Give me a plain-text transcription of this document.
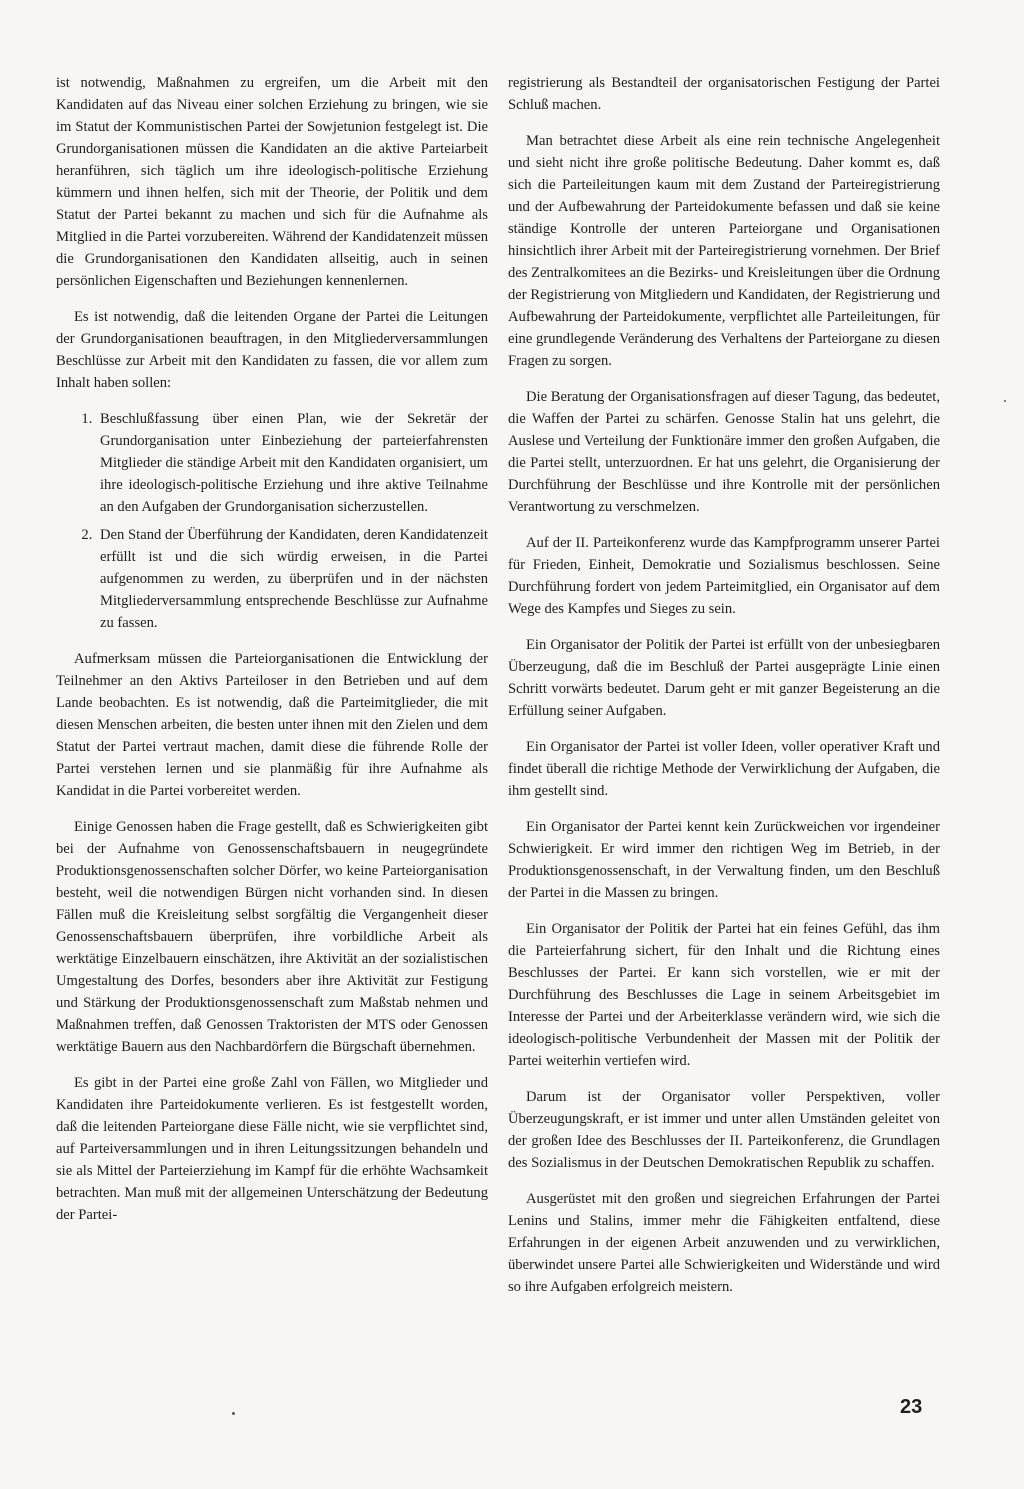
ist notwendig, Maßnahmen zu ergreifen, um die Arbeit mit den Kandidaten auf das Niveau einer solchen Erziehung zu bringen, wie sie im Statut der Kommunistischen Partei der Sowjetunion festgelegt ist. Die Grundorganisationen müssen die Kandidaten an die aktive Parteiarbeit heranführen, sich täglich um ihre ideologisch-politische Erziehung kümmern und ihnen helfen, sich mit der Theorie, der Politik und dem Statut der Partei bekannt zu machen und sich für die Aufnahme als Mitglied in die Partei vorzubereiten. Während der Kandidatenzeit müssen die Grundorganisationen den Kandidaten allseitig, auch in seinen persönlichen Eigenschaften und Beziehungen kennenlernen.

Es ist notwendig, daß die leitenden Organe der Partei die Leitungen der Grundorganisationen beauftragen, in den Mitgliederversammlungen Beschlüsse zur Arbeit mit den Kandidaten zu fassen, die vor allem zum Inhalt haben sollen:

1. Beschlußfassung über einen Plan, wie der Sekretär der Grundorganisation unter Einbeziehung der parteierfahrensten Mitglieder die ständige Arbeit mit den Kandidaten organisiert, um ihre ideologisch-politische Erziehung und ihre aktive Teilnahme an den Aufgaben der Grundorganisation sicherzustellen.
2. Den Stand der Überführung der Kandidaten, deren Kandidatenzeit erfüllt ist und die sich würdig erweisen, in die Partei aufgenommen zu werden, zu überprüfen und in der nächsten Mitgliederversammlung entsprechende Beschlüsse zur Aufnahme zu fassen.

Aufmerksam müssen die Parteiorganisationen die Entwicklung der Teilnehmer an den Aktivs Parteiloser in den Betrieben und auf dem Lande beobachten. Es ist notwendig, daß die Parteimitglieder, die mit diesen Menschen arbeiten, die besten unter ihnen mit den Zielen und dem Statut der Partei vertraut machen, damit diese die führende Rolle der Partei verstehen lernen und sie planmäßig für ihre Aufnahme als Kandidat in die Partei vorbereitet werden.

Einige Genossen haben die Frage gestellt, daß es Schwierigkeiten gibt bei der Aufnahme von Genossenschaftsbauern in neugegründete Produktionsgenossenschaften solcher Dörfer, wo keine Parteiorganisation besteht, weil die notwendigen Bürgen nicht vorhanden sind. In diesen Fällen muß die Kreisleitung selbst sorgfältig die Vergangenheit dieser Genossenschaftsbauern überprüfen, ihre vorbildliche Arbeit als werktätige Einzelbauern einschätzen, ihre Aktivität an der sozialistischen Umgestaltung des Dorfes, besonders aber ihre Aktivität zur Festigung und Stärkung der Produktionsgenossenschaft zum Maßstab nehmen und Maßnahmen treffen, daß Genossen Traktoristen der MTS oder Genossen werktätige Bauern aus den Nachbardörfern die Bürgschaft übernehmen.

Es gibt in der Partei eine große Zahl von Fällen, wo Mitglieder und Kandidaten ihre Parteidokumente verlieren. Es ist festgestellt worden, daß die leitenden Parteiorgane diese Fälle nicht, wie sie verpflichtet sind, auf Parteiversammlungen und in ihren Leitungssitzungen behandeln und sie als Mittel der Parteierziehung im Kampf für die erhöhte Wachsamkeit betrachten. Man muß mit der allgemeinen Unterschätzung der Bedeutung der Partei-

registrierung als Bestandteil der organisatorischen Festigung der Partei Schluß machen.

Man betrachtet diese Arbeit als eine rein technische Angelegenheit und sieht nicht ihre große politische Bedeutung. Daher kommt es, daß sich die Parteileitungen kaum mit dem Zustand der Parteiregistrierung und der Aufbewahrung der Parteidokumente befassen und daß sie keine ständige Kontrolle der unteren Parteiorgane und Organisationen hinsichtlich ihrer Arbeit mit der Parteiregistrierung vornehmen. Der Brief des Zentralkomitees an die Bezirks- und Kreisleitungen über die Ordnung der Registrierung von Mitgliedern und Kandidaten, der Registrierung und Aufbewahrung der Parteidokumente, verpflichtet alle Parteileitungen, für eine grundlegende Veränderung des Verhaltens der Parteiorgane zu diesen Fragen zu sorgen.

Die Beratung der Organisationsfragen auf dieser Tagung, das bedeutet, die Waffen der Partei zu schärfen. Genosse Stalin hat uns gelehrt, die Auslese und Verteilung der Funktionäre immer den großen Aufgaben, die die Partei stellt, unterzuordnen. Er hat uns gelehrt, die Organisierung der Durchführung der Beschlüsse und ihre Kontrolle mit der persönlichen Verantwortung zu verschmelzen.

Auf der II. Parteikonferenz wurde das Kampfprogramm unserer Partei für Frieden, Einheit, Demokratie und Sozialismus beschlossen. Seine Durchführung fordert von jedem Parteimitglied, ein Organisator auf dem Wege des Kampfes und Sieges zu sein.

Ein Organisator der Politik der Partei ist erfüllt von der unbesiegbaren Überzeugung, daß die im Beschluß der Partei ausgeprägte Linie einen Schritt vorwärts bedeutet. Darum geht er mit ganzer Begeisterung an die Erfüllung seiner Aufgaben.

Ein Organisator der Partei ist voller Ideen, voller operativer Kraft und findet überall die richtige Methode der Verwirklichung der Aufgaben, die ihm gestellt sind.

Ein Organisator der Partei kennt kein Zurückweichen vor irgendeiner Schwierigkeit. Er wird immer den richtigen Weg im Betrieb, in der Produktionsgenossenschaft, in der Verwaltung finden, um den Beschluß der Partei in die Massen zu bringen.

Ein Organisator der Politik der Partei hat ein feines Gefühl, das ihm die Parteierfahrung sichert, für den Inhalt und die Richtung eines Beschlusses der Partei. Er kann sich vorstellen, wie er mit der Durchführung des Beschlusses die Lage in seinem Arbeitsgebiet im Interesse der Partei und der Arbeiterklasse verändern wird, wie sich die ideologisch-politische Verbundenheit der Massen mit der Politik der Partei weiterhin vertiefen wird.

Darum ist der Organisator voller Perspektiven, voller Überzeugungskraft, er ist immer und unter allen Umständen geleitet von der großen Idee des Beschlusses der II. Parteikonferenz, die Grundlagen des Sozialismus in der Deutschen Demokratischen Republik zu schaffen.

Ausgerüstet mit den großen und siegreichen Erfahrungen der Partei Lenins und Stalins, immer mehr die Fähigkeiten entfaltend, diese Erfahrungen in der eigenen Arbeit anzuwenden und zu verwirklichen, überwindet unsere Partei alle Schwierigkeiten und Widerstände und wird so ihre Aufgaben erfolgreich meistern.

23
